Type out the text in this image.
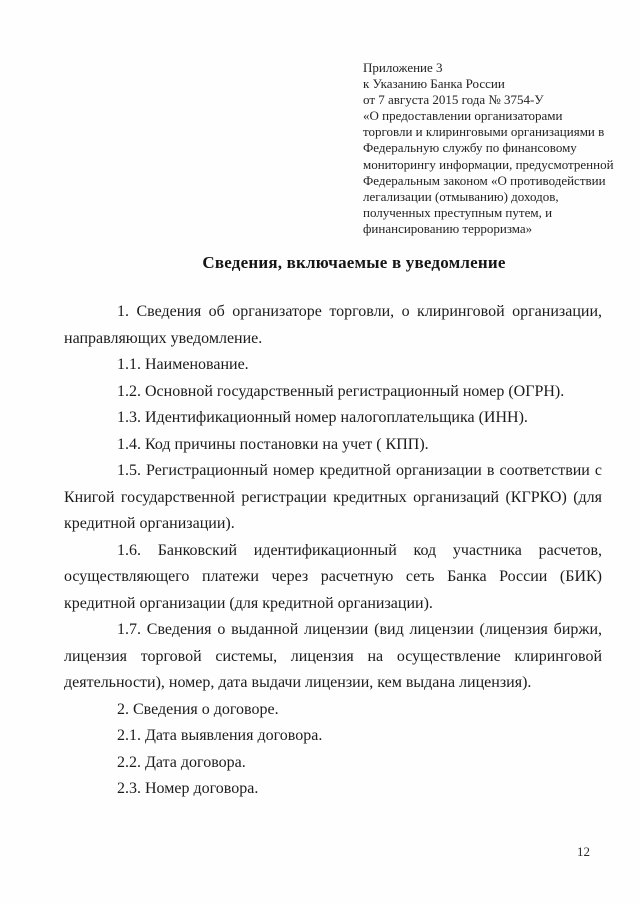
Приложение 3
к Указанию Банка России
от 7 августа 2015 года № 3754-У
«О предоставлении организаторами
торговли и клиринговыми организациями в
Федеральную службу по финансовому
мониторингу информации, предусмотренной
Федеральным законом «О противодействии
легализации (отмыванию) доходов,
полученных преступным путем, и
финансированию терроризма»
Сведения, включаемые в уведомление

1. Сведения об организаторе торговли, о клиринговой организации, направляющих уведомление.

1.1. Наименование.

1.2. Основной государственный регистрационный номер (ОГРН).

1.3. Идентификационный номер налогоплательщика (ИНН).

1.4. Код причины постановки на учет ( КПП).

1.5. Регистрационный номер кредитной организации в соответствии с Книгой государственной регистрации кредитных организаций (КГРКО) (для кредитной организации).

1.6. Банковский идентификационный код участника расчетов, осуществляющего платежи через расчетную сеть Банка России (БИК) кредитной организации (для кредитной организации).

1.7. Сведения о выданной лицензии (вид лицензии (лицензия биржи, лицензия торговой системы, лицензия на осуществление клиринговой деятельности), номер, дата выдачи лицензии, кем выдана лицензия).

2. Сведения о договоре.

2.1. Дата выявления договора.

2.2. Дата договора.

2.3. Номер договора.

12
